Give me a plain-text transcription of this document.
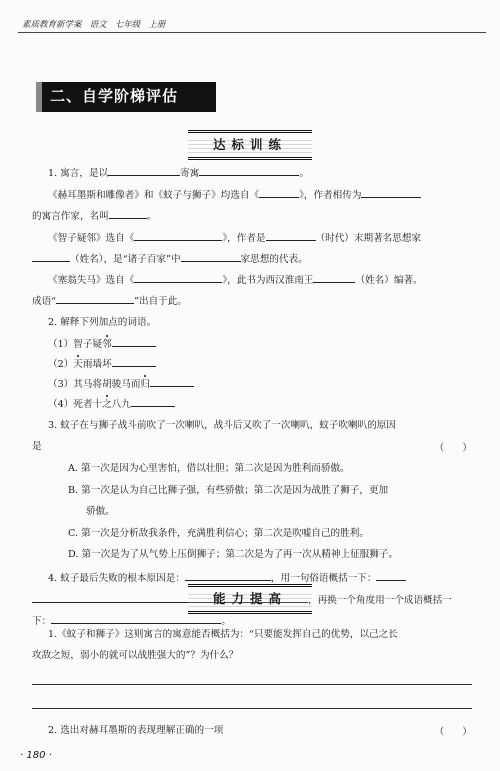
素质教育新学案 语文 七年级 上册
二、自学阶梯评估
达标训练
1. 寓言，是以	寄寓	。
《赫耳墨斯和雕像者》和《蚊子与狮子》均选自《	》，作者相传为
的寓言作家，名叫	。
《智子疑邻》选自《	》，作者是	（时代）末期著名思想家
（姓名），是“诸子百家”中	家思想的代表。
《塞翁失马》选自《	》，此书为西汉淮南王	（姓名）编著。
成语“	”出自于此。
2. 解释下列加点的词语。
（1）智子疑邻
（2）天雨墙坏
（3）其马将胡骏马而归
（4）死者十之八九
3. 蚊子在与狮子战斗前吹了一次喇叭，战斗后又吹了一次喇叭，蚊子吹喇叭的原因
是	（      ）
A. 第一次是因为心里害怕，借以壮胆；第二次是因为胜利而骄傲。
B. 第一次是认为自己比狮子强，有些骄傲；第二次是因为战胜了狮子，更加
骄傲。
C. 第一次是分析敌我条件，充满胜利信心；第二次是吹嘘自己的胜利。
D. 第一次是为了从气势上压倒狮子；第二次是为了再一次从精神上征服狮子。
4. 蚊子最后失败的根本原因是：	，用一句俗语概括一下：
，再换一个角度用一个成语概括一
下：	。
能力提高
1.《蚊子和狮子》这则寓言的寓意能否概括为：“只要能发挥自己的优势，以己之长
攻敌之短，弱小的就可以战胜强大的”？为什么？
2. 选出对赫耳墨斯的表现理解正确的一项	（      ）
· 180 ·
